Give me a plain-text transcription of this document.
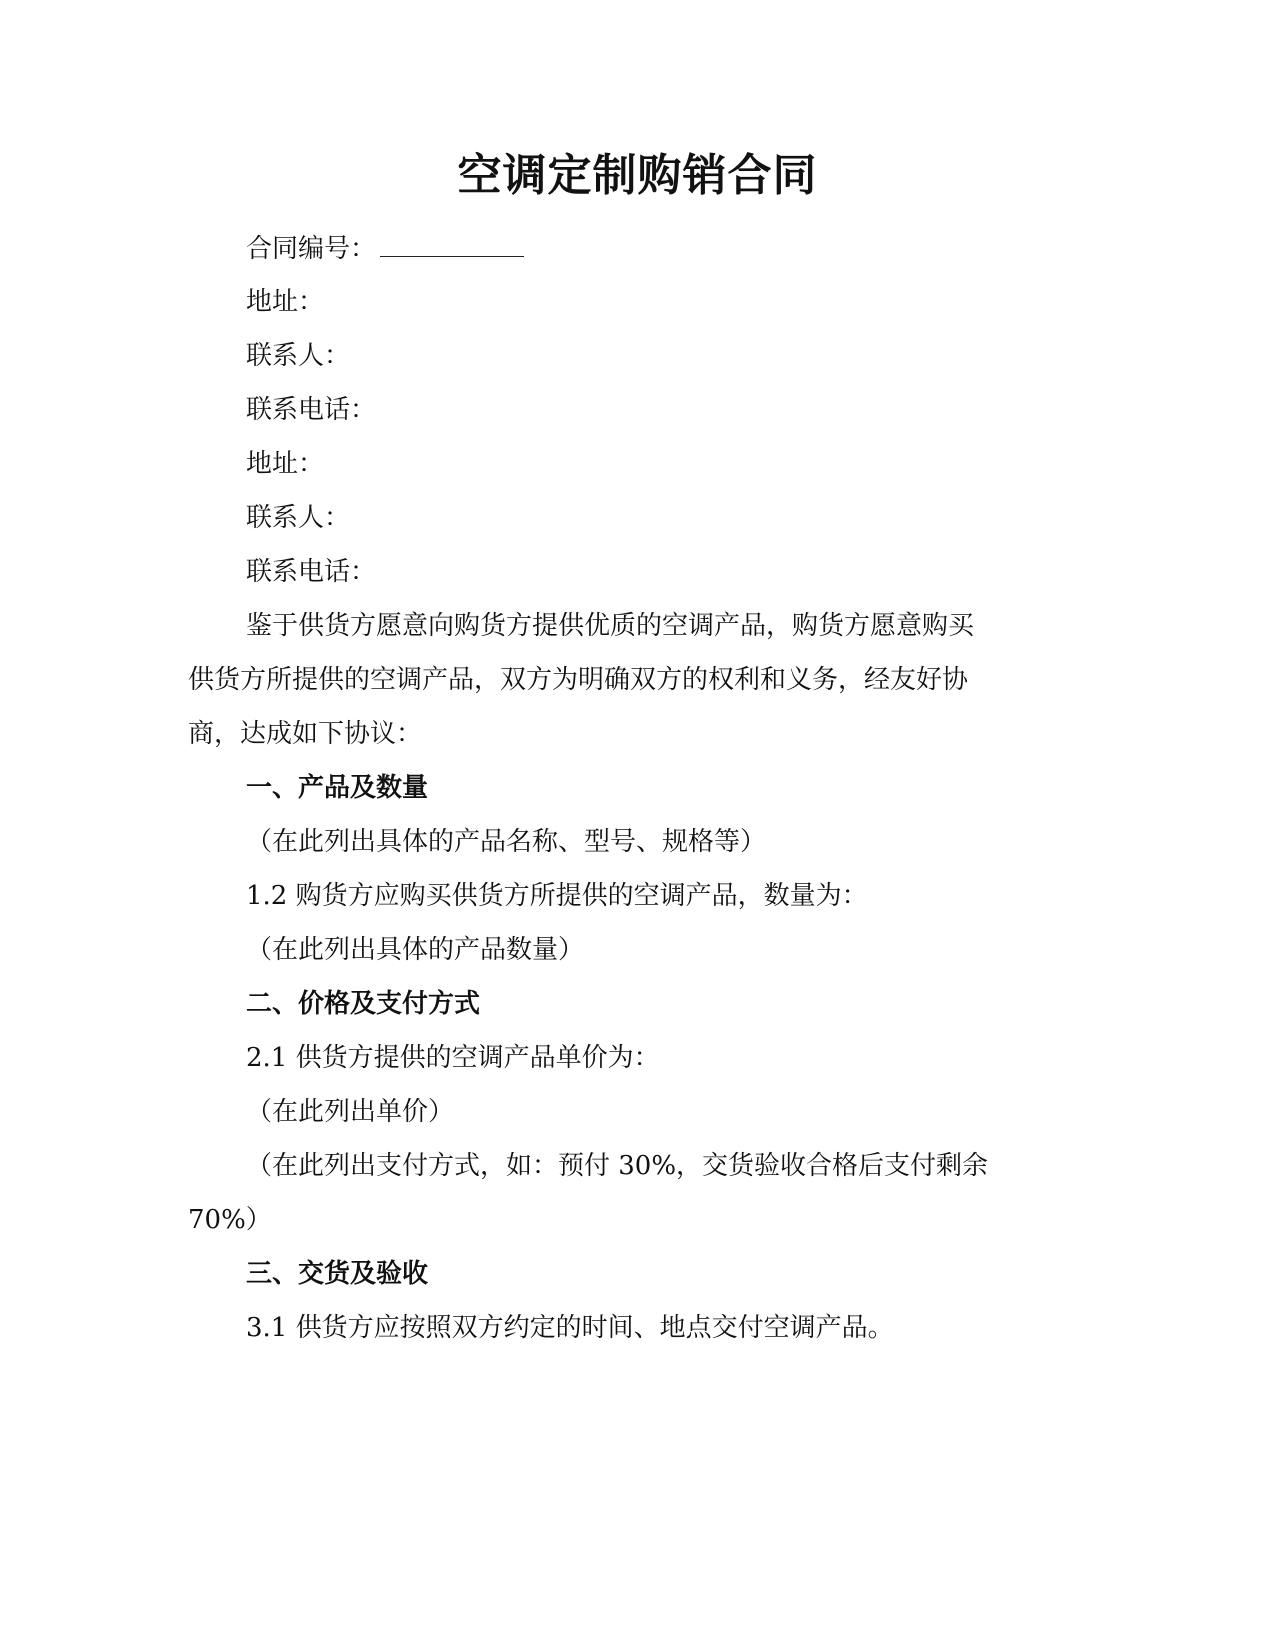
空调定制购销合同

合同编号：

地址：

联系人：

联系电话：

地址：

联系人：

联系电话：

鉴于供货方愿意向购货方提供优质的空调产品，购货方愿意购买

供货方所提供的空调产品，双方为明确双方的权利和义务，经友好协

商，达成如下协议：

一、产品及数量

（在此列出具体的产品名称、型号、规格等）

1.2 购货方应购买供货方所提供的空调产品，数量为：

（在此列出具体的产品数量）

二、价格及支付方式

2.1 供货方提供的空调产品单价为：

（在此列出单价）

（在此列出支付方式，如：预付 30%，交货验收合格后支付剩余

70%）

三、交货及验收

3.1 供货方应按照双方约定的时间、地点交付空调产品。
